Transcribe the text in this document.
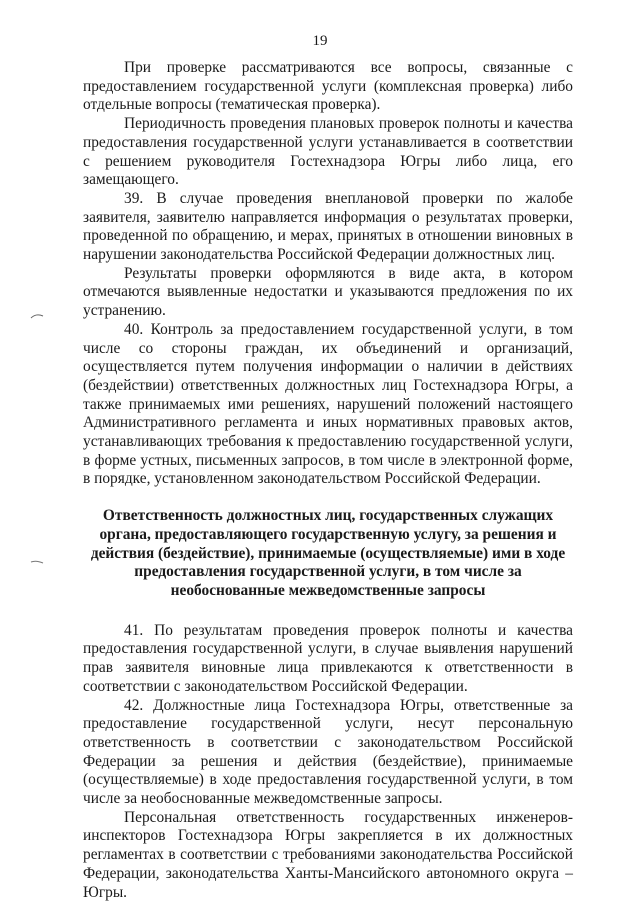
19

При проверке рассматриваются все вопросы, связанные с предоставлением государственной услуги (комплексная проверка) либо отдельные вопросы (тематическая проверка).

Периодичность проведения плановых проверок полноты и качества предоставления государственной услуги устанавливается в соответствии с решением руководителя Гостехнадзора Югры либо лица, его замещающего.

39. В случае проведения внеплановой проверки по жалобе заявителя, заявителю направляется информация о результатах проверки, проведенной по обращению, и мерах, принятых в отношении виновных в нарушении законодательства Российской Федерации должностных лиц.

Результаты проверки оформляются в виде акта, в котором отмечаются выявленные недостатки и указываются предложения по их устранению.

40. Контроль за предоставлением государственной услуги, в том числе со стороны граждан, их объединений и организаций, осуществляется путем получения информации о наличии в действиях (бездействии) ответственных должностных лиц Гостехнадзора Югры, а также принимаемых ими решениях, нарушений положений настоящего Административного регламента и иных нормативных правовых актов, устанавливающих требования к предоставлению государственной услуги, в форме устных, письменных запросов, в том числе в электронной форме, в порядке, установленном законодательством Российской Федерации.

Ответственность должностных лиц, государственных служащих органа, предоставляющего государственную услугу, за решения и действия (бездействие), принимаемые (осуществляемые) ими в ходе предоставления государственной услуги, в том числе за необоснованные межведомственные запросы

41. По результатам проведения проверок полноты и качества предоставления государственной услуги, в случае выявления нарушений прав заявителя виновные лица привлекаются к ответственности в соответствии с законодательством Российской Федерации.

42. Должностные лица Гостехнадзора Югры, ответственные за предоставление государственной услуги, несут персональную ответственность в соответствии с законодательством Российской Федерации за решения и действия (бездействие), принимаемые (осуществляемые) в ходе предоставления государственной услуги, в том числе за необоснованные межведомственные запросы.

Персональная ответственность государственных инженеров-инспекторов Гостехнадзора Югры закрепляется в их должностных регламентах в соответствии с требованиями законодательства Российской Федерации, законодательства Ханты-Мансийского автономного округа – Югры.
